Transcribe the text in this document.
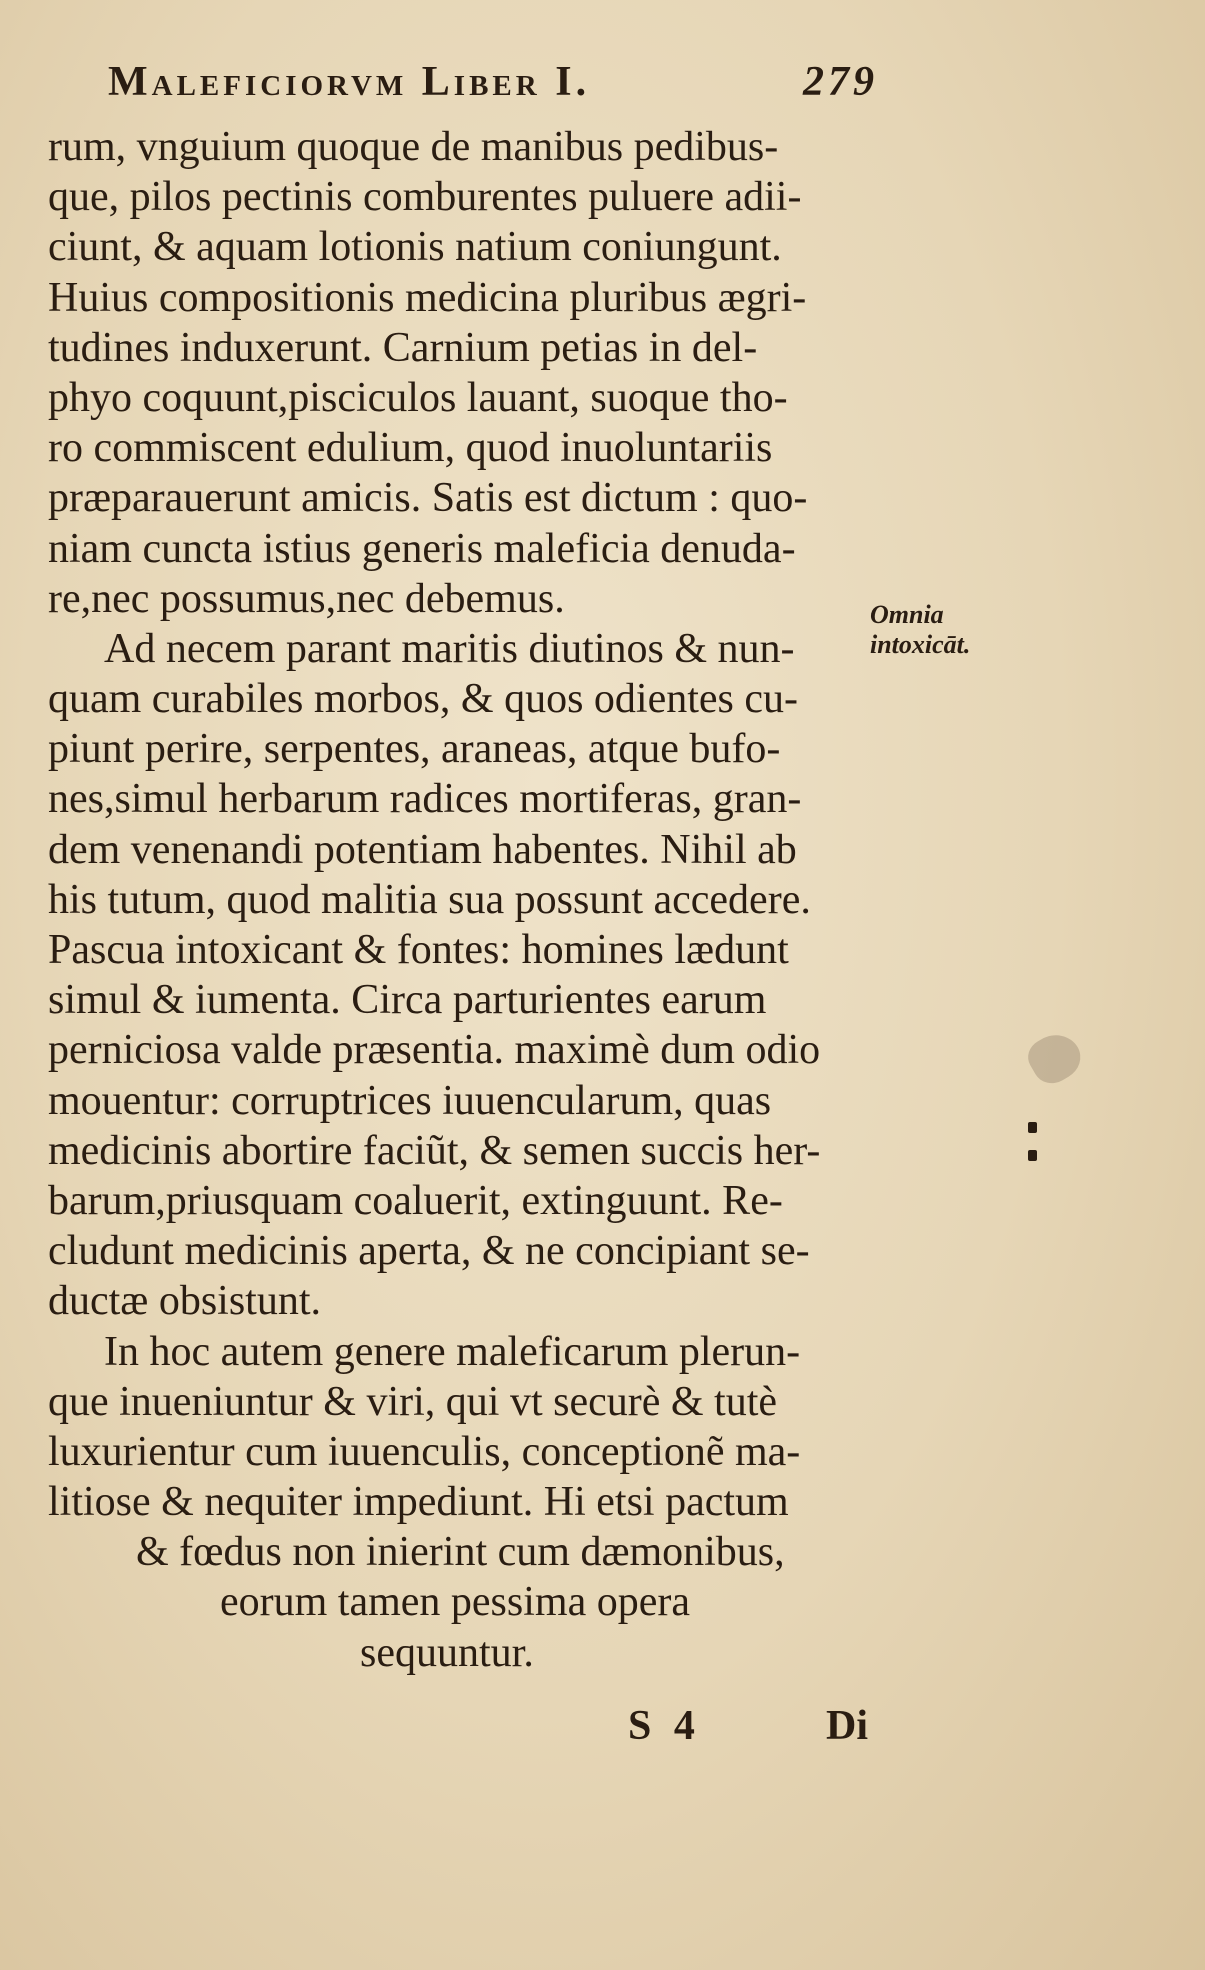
Maleficiorvm Liber I.	279
rum, vnguium quoque de manibus pedibus-
que, pilos pectinis comburentes puluere adii-
ciunt, & aquam lotionis natium coniungunt.
Huius compositionis medicina pluribus ægri-
tudines induxerunt. Carnium petias in del-
phyo coquunt,pisciculos lauant, suoque tho-
ro commiscent edulium, quod inuoluntariis
præparauerunt amicis. Satis est dictum : quo-
niam cuncta istius generis maleficia denuda-
re,nec possumus,nec debemus.
Ad necem parant maritis diutinos & nun-
quam curabiles morbos, & quos odientes cu-
piunt perire, serpentes, araneas, atque bufo-
nes,simul herbarum radices mortiferas, gran-
dem venenandi potentiam habentes. Nihil ab
his tutum, quod malitia sua possunt accedere.
Pascua intoxicant & fontes: homines lædunt
simul & iumenta. Circa parturientes earum
perniciosa valde præsentia. maximè dum odio
mouentur: corruptrices iuuencularum, quas
medicinis abortire faciũt, & semen succis her-
barum,priusquam coaluerit, extinguunt. Re-
cludunt medicinis aperta, & ne concipiant se-
ductæ obsistunt.
In hoc autem genere maleficarum plerun-
que inueniuntur & viri, qui vt securè & tutè
luxurientur cum iuuenculis, conceptionẽ ma-
litiose & nequiter impediunt. Hi etsi pactum
& fœdus non inierint cum dæmonibus,
eorum tamen pessima opera
sequuntur.
Omnia
intoxicāt.
S 4	Di
